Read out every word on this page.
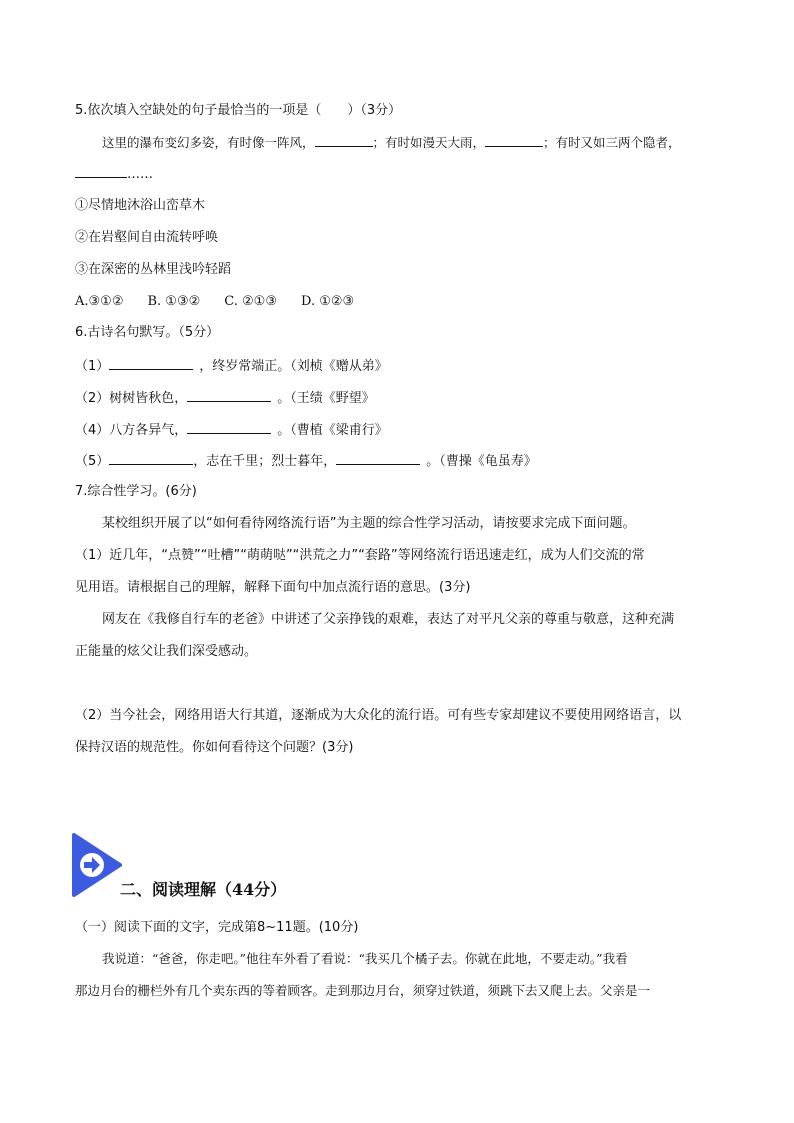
5.依次填入空缺处的句子最恰当的一项是（　　）（3分）
这里的瀑布变幻多姿，有时像一阵风，	；有时如漫天大雨，	；有时又如三两个隐者，
……
①尽情地沐浴山峦草木
②在岩壑间自由流转呼唤
③在深密的丛林里浅吟轻蹈
A.③①② B. ①③② C. ②①③ D. ①②③
6.古诗名句默写。（5分）
（1）	，终岁常端正。（刘桢《赠从弟》
（2）树树皆秋色，	。（王绩《野望》
（4）八方各异气，	。（曹植《梁甫行》
（5）	，志在千里；烈士暮年，	。（曹操《龟虽寿》
7.综合性学习。(6分)
某校组织开展了以“如何看待网络流行语”为主题的综合性学习活动，请按要求完成下面问题。
（1）近几年，“点赞”“吐槽”“萌萌哒”“洪荒之力”“套路”等网络流行语迅速走红，成为人们交流的常
见用语。请根据自己的理解，解释下面句中加点流行语的意思。(3分)
网友在《我修自行车的老爸》中讲述了父亲挣钱的艰难，表达了对平凡父亲的尊重与敬意，这种充满
正能量的炫父让我们深受感动。
（2）当今社会，网络用语大行其道，逐渐成为大众化的流行语。可有些专家却建议不要使用网络语言，以
保持汉语的规范性。你如何看待这个问题？(3分)
二、阅读理解（44分）
（一）阅读下面的文字，完成第8~11题。(10分)
我说道：“爸爸，你走吧。”他往车外看了看说：“我买几个橘子去。你就在此地，不要走动。”我看
那边月台的栅栏外有几个卖东西的等着顾客。走到那边月台，须穿过铁道，须跳下去又爬上去。父亲是一
